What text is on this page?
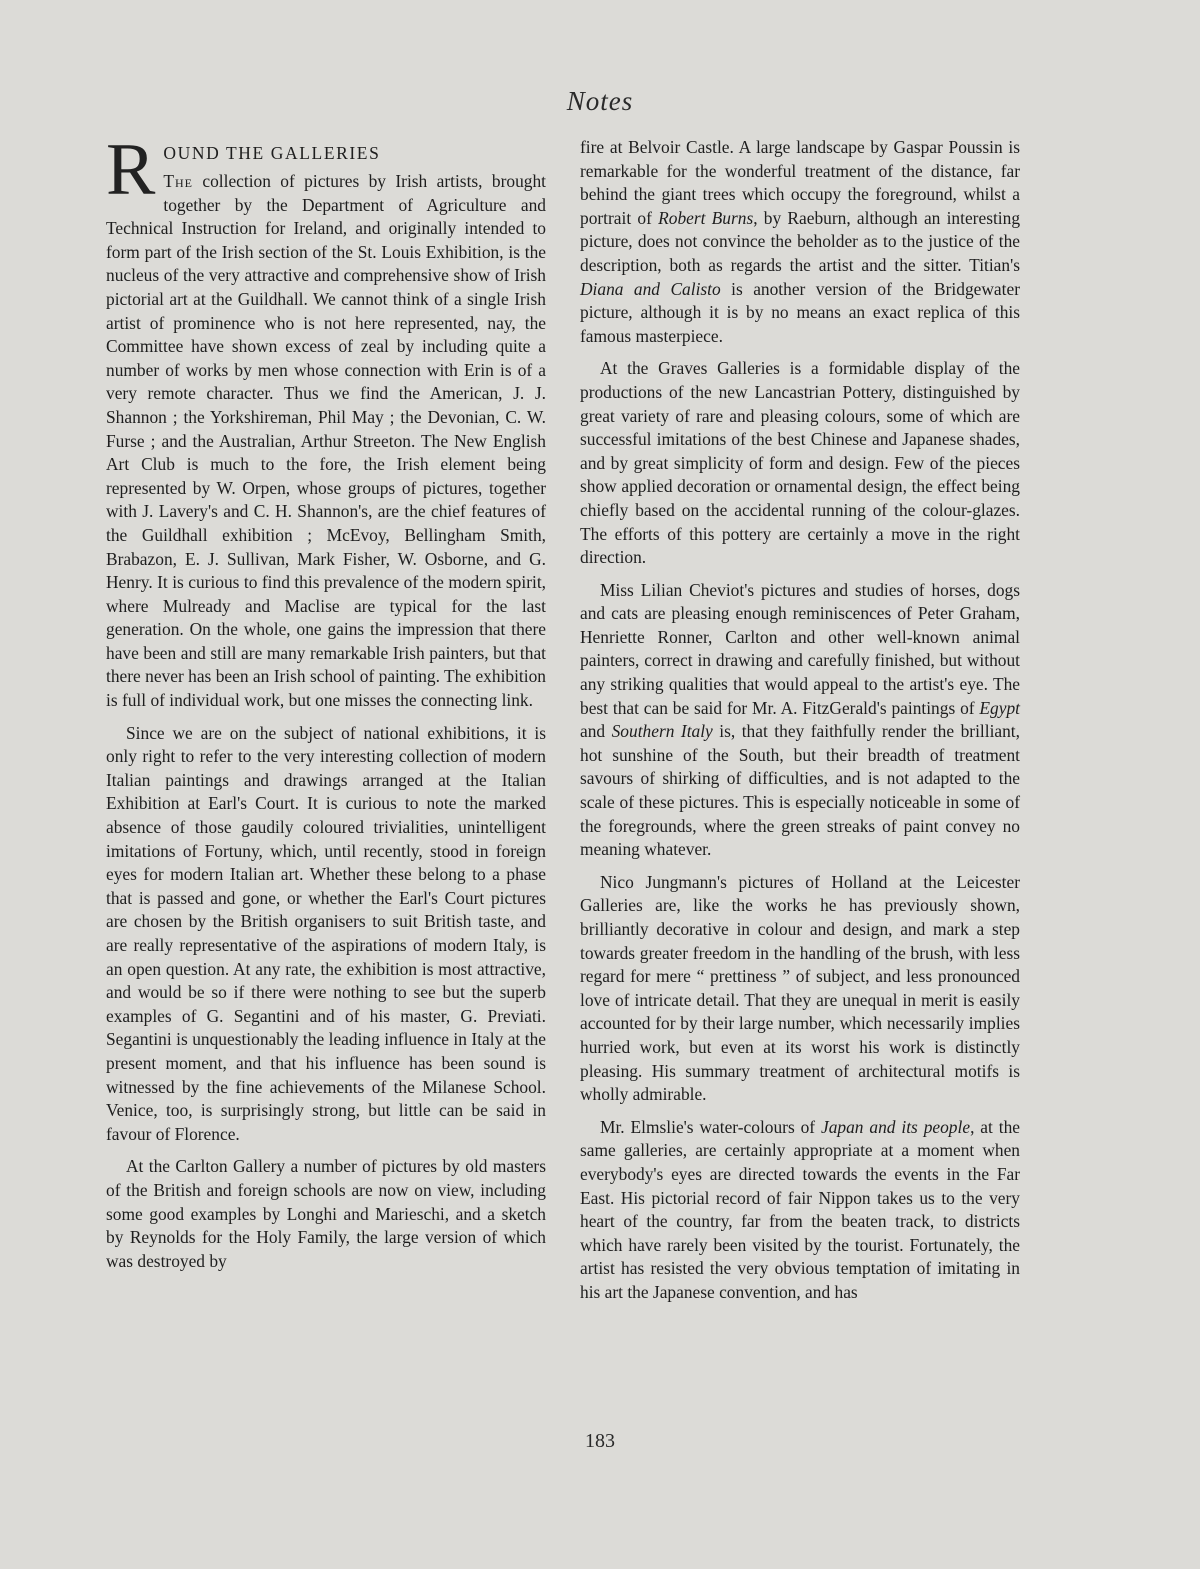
Notes
R OUND THE GALLERIES

The collection of pictures by Irish artists, brought together by the Department of Agriculture and Technical Instruction for Ireland, and originally intended to form part of the Irish section of the St. Louis Exhibition, is the nucleus of the very attractive and comprehensive show of Irish pictorial art at the Guildhall. We cannot think of a single Irish artist of prominence who is not here represented, nay, the Committee have shown excess of zeal by including quite a number of works by men whose connection with Erin is of a very remote character. Thus we find the American, J. J. Shannon ; the Yorkshireman, Phil May ; the Devonian, C. W. Furse ; and the Australian, Arthur Streeton. The New English Art Club is much to the fore, the Irish element being represented by W. Orpen, whose groups of pictures, together with J. Lavery's and C. H. Shannon's, are the chief features of the Guildhall exhibition ; McEvoy, Bellingham Smith, Brabazon, E. J. Sullivan, Mark Fisher, W. Osborne, and G. Henry. It is curious to find this prevalence of the modern spirit, where Mulready and Maclise are typical for the last generation. On the whole, one gains the impression that there have been and still are many remarkable Irish painters, but that there never has been an Irish school of painting. The exhibition is full of individual work, but one misses the connecting link.

Since we are on the subject of national exhibitions, it is only right to refer to the very interesting collection of modern Italian paintings and drawings arranged at the Italian Exhibition at Earl's Court. It is curious to note the marked absence of those gaudily coloured trivialities, unintelligent imitations of Fortuny, which, until recently, stood in foreign eyes for modern Italian art. Whether these belong to a phase that is passed and gone, or whether the Earl's Court pictures are chosen by the British organisers to suit British taste, and are really representative of the aspirations of modern Italy, is an open question. At any rate, the exhibition is most attractive, and would be so if there were nothing to see but the superb examples of G. Segantini and of his master, G. Previati. Segantini is unquestionably the leading influence in Italy at the present moment, and that his influence has been sound is witnessed by the fine achievements of the Milanese School. Venice, too, is surprisingly strong, but little can be said in favour of Florence.

At the Carlton Gallery a number of pictures by old masters of the British and foreign schools are now on view, including some good examples by Longhi and Marieschi, and a sketch by Reynolds for the Holy Family, the large version of which was destroyed by

fire at Belvoir Castle. A large landscape by Gaspar Poussin is remarkable for the wonderful treatment of the distance, far behind the giant trees which occupy the foreground, whilst a portrait of Robert Burns, by Raeburn, although an interesting picture, does not convince the beholder as to the justice of the description, both as regards the artist and the sitter. Titian's Diana and Calisto is another version of the Bridgewater picture, although it is by no means an exact replica of this famous masterpiece.

At the Graves Galleries is a formidable display of the productions of the new Lancastrian Pottery, distinguished by great variety of rare and pleasing colours, some of which are successful imitations of the best Chinese and Japanese shades, and by great simplicity of form and design. Few of the pieces show applied decoration or ornamental design, the effect being chiefly based on the accidental running of the colour-glazes. The efforts of this pottery are certainly a move in the right direction.

Miss Lilian Cheviot's pictures and studies of horses, dogs and cats are pleasing enough reminiscences of Peter Graham, Henriette Ronner, Carlton and other well-known animal painters, correct in drawing and carefully finished, but without any striking qualities that would appeal to the artist's eye. The best that can be said for Mr. A. FitzGerald's paintings of Egypt and Southern Italy is, that they faithfully render the brilliant, hot sunshine of the South, but their breadth of treatment savours of shirking of difficulties, and is not adapted to the scale of these pictures. This is especially noticeable in some of the foregrounds, where the green streaks of paint convey no meaning whatever.

Nico Jungmann's pictures of Holland at the Leicester Galleries are, like the works he has previously shown, brilliantly decorative in colour and design, and mark a step towards greater freedom in the handling of the brush, with less regard for mere “ prettiness ” of subject, and less pronounced love of intricate detail. That they are unequal in merit is easily accounted for by their large number, which necessarily implies hurried work, but even at its worst his work is distinctly pleasing. His summary treatment of architectural motifs is wholly admirable.

Mr. Elmslie's water-colours of Japan and its people, at the same galleries, are certainly appropriate at a moment when everybody's eyes are directed towards the events in the Far East. His pictorial record of fair Nippon takes us to the very heart of the country, far from the beaten track, to districts which have rarely been visited by the tourist. Fortunately, the artist has resisted the very obvious temptation of imitating in his art the Japanese convention, and has

183
